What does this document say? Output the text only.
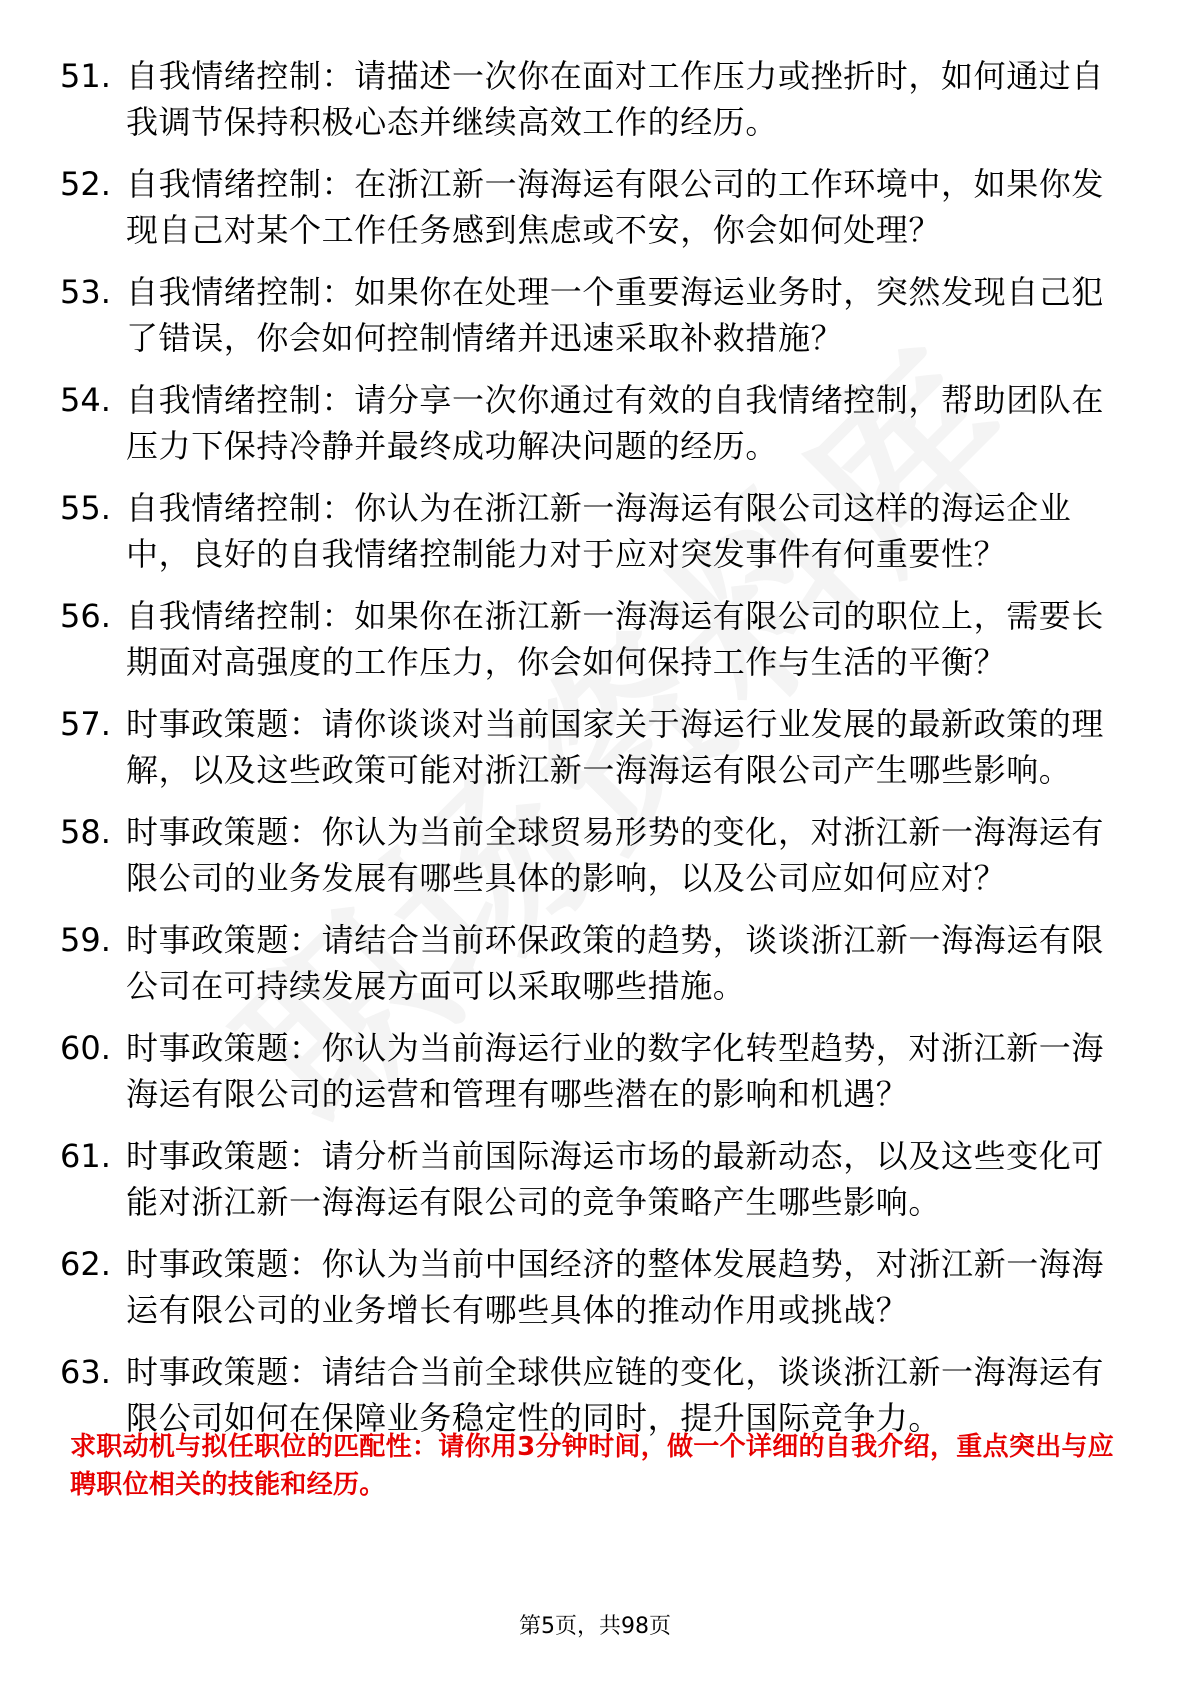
51. 自我情绪控制：请描述一次你在面对工作压力或挫折时，如何通过自我调节保持积极心态并继续高效工作的经历。
52. 自我情绪控制：在浙江新一海海运有限公司的工作环境中，如果你发现自己对某个工作任务感到焦虑或不安，你会如何处理？
53. 自我情绪控制：如果你在处理一个重要海运业务时，突然发现自己犯了错误，你会如何控制情绪并迅速采取补救措施？
54. 自我情绪控制：请分享一次你通过有效的自我情绪控制，帮助团队在压力下保持冷静并最终成功解决问题的经历。
55. 自我情绪控制：你认为在浙江新一海海运有限公司这样的海运企业中，良好的自我情绪控制能力对于应对突发事件有何重要性？
56. 自我情绪控制：如果你在浙江新一海海运有限公司的职位上，需要长期面对高强度的工作压力，你会如何保持工作与生活的平衡？
57. 时事政策题：请你谈谈对当前国家关于海运行业发展的最新政策的理解，以及这些政策可能对浙江新一海海运有限公司产生哪些影响。
58. 时事政策题：你认为当前全球贸易形势的变化，对浙江新一海海运有限公司的业务发展有哪些具体的影响，以及公司应如何应对？
59. 时事政策题：请结合当前环保政策的趋势，谈谈浙江新一海海运有限公司在可持续发展方面可以采取哪些措施。
60. 时事政策题：你认为当前海运行业的数字化转型趋势，对浙江新一海海运有限公司的运营和管理有哪些潜在的影响和机遇？
61. 时事政策题：请分析当前国际海运市场的最新动态，以及这些变化可能对浙江新一海海运有限公司的竞争策略产生哪些影响。
62. 时事政策题：你认为当前中国经济的整体发展趋势，对浙江新一海海运有限公司的业务增长有哪些具体的推动作用或挑战？
63. 时事政策题：请结合当前全球供应链的变化，谈谈浙江新一海海运有限公司如何在保障业务稳定性的同时，提升国际竞争力。
求职动机与拟任职位的匹配性：请你用3分钟时间，做一个详细的自我介绍，重点突出与应聘职位相关的技能和经历。
第5页，共98页
